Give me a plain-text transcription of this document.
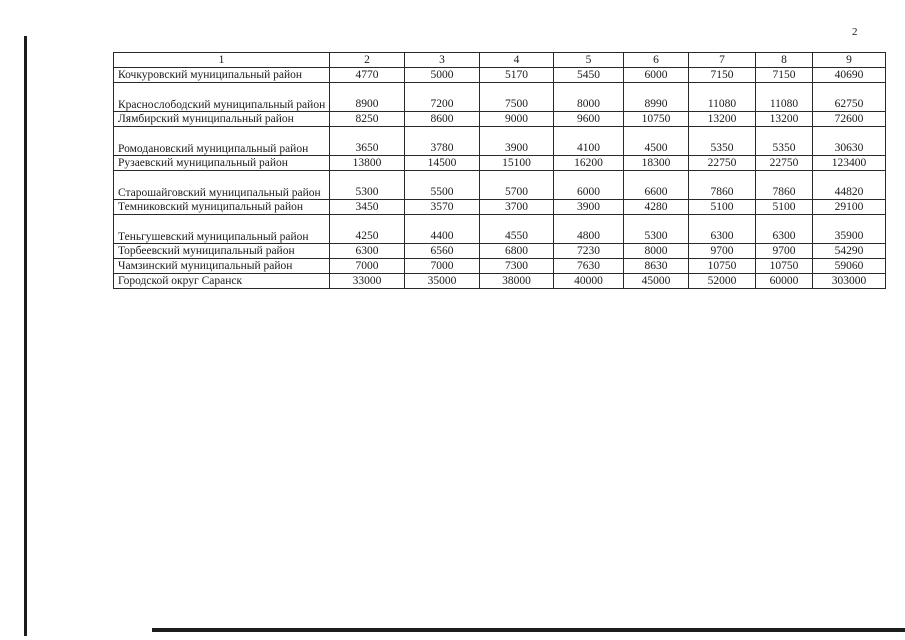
2
1	2	3	4	5	6	7	8	9
Кочкуровский муниципальный район	4770	5000	5170	5450	6000	7150	7150	40690
Краснослободский муниципальный район	8900	7200	7500	8000	8990	11080	11080	62750
Лямбирский муниципальный район	8250	8600	9000	9600	10750	13200	13200	72600
Ромодановский муниципальный район	3650	3780	3900	4100	4500	5350	5350	30630
Рузаевский муниципальный район	13800	14500	15100	16200	18300	22750	22750	123400
Старошайговский муниципальный район	5300	5500	5700	6000	6600	7860	7860	44820
Темниковский муниципальный район	3450	3570	3700	3900	4280	5100	5100	29100
Теньгушевский муниципальный район	4250	4400	4550	4800	5300	6300	6300	35900
Торбеевский муниципальный район	6300	6560	6800	7230	8000	9700	9700	54290
Чамзинский муниципальный район	7000	7000	7300	7630	8630	10750	10750	59060
Городской округ Саранск	33000	35000	38000	40000	45000	52000	60000	303000
